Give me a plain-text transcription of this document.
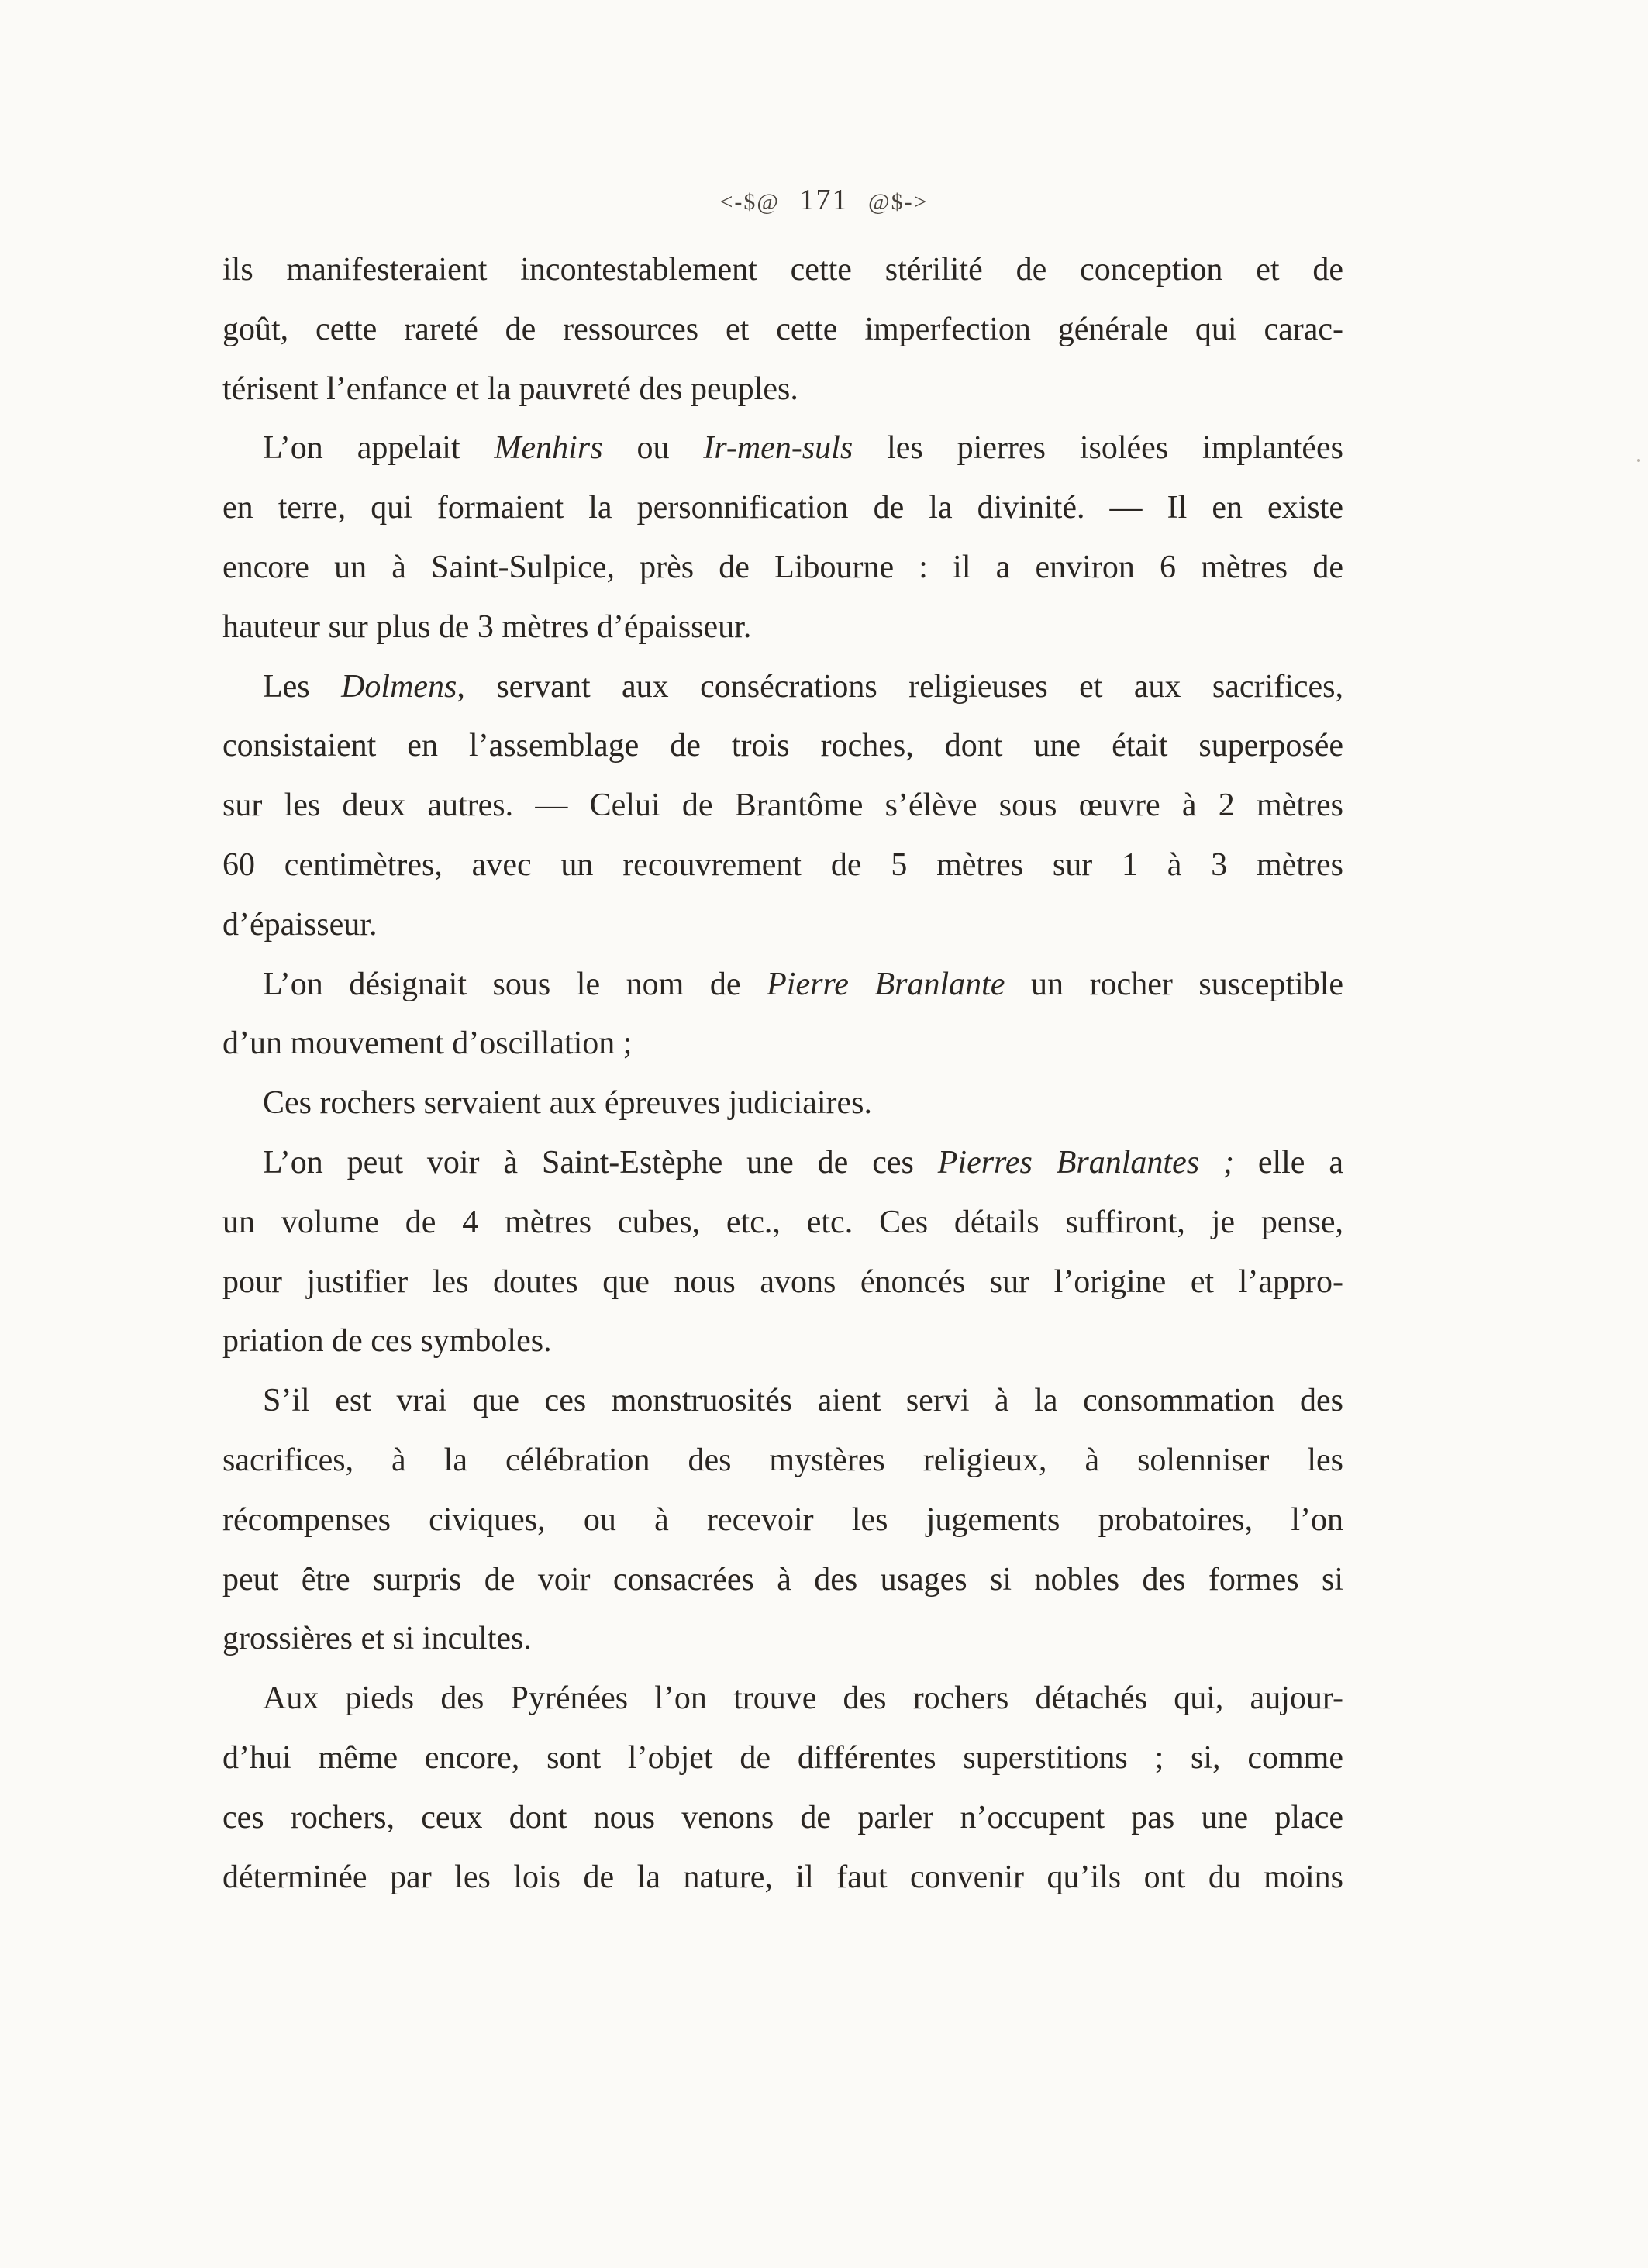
<-$@ 171 @$->
ils manifesteraient incontestablement cette stérilité de conception et de
goût, cette rareté de ressources et cette imperfection générale qui carac-
térisent l’enfance et la pauvreté des peuples.
L’on appelait Menhirs ou Ir-men-suls les pierres isolées implantées
en terre, qui formaient la personnification de la divinité. — Il en existe
encore un à Saint-Sulpice, près de Libourne : il a environ 6 mètres de
hauteur sur plus de 3 mètres d’épaisseur.
Les Dolmens, servant aux consécrations religieuses et aux sacrifices,
consistaient en l’assemblage de trois roches, dont une était superposée
sur les deux autres. — Celui de Brantôme s’élève sous œuvre à 2 mètres
60 centimètres, avec un recouvrement de 5 mètres sur 1 à 3 mètres
d’épaisseur.
L’on désignait sous le nom de Pierre Branlante un rocher susceptible
d’un mouvement d’oscillation ;
Ces rochers servaient aux épreuves judiciaires.
L’on peut voir à Saint-Estèphe une de ces Pierres Branlantes ; elle a
un volume de 4 mètres cubes, etc., etc. Ces détails suffiront, je pense,
pour justifier les doutes que nous avons énoncés sur l’origine et l’appro-
priation de ces symboles.
S’il est vrai que ces monstruosités aient servi à la consommation des
sacrifices, à la célébration des mystères religieux, à solenniser les
récompenses civiques, ou à recevoir les jugements probatoires, l’on
peut être surpris de voir consacrées à des usages si nobles des formes si
grossières et si incultes.
Aux pieds des Pyrénées l’on trouve des rochers détachés qui, aujour-
d’hui même encore, sont l’objet de différentes superstitions ; si, comme
ces rochers, ceux dont nous venons de parler n’occupent pas une place
déterminée par les lois de la nature, il faut convenir qu’ils ont du moins
